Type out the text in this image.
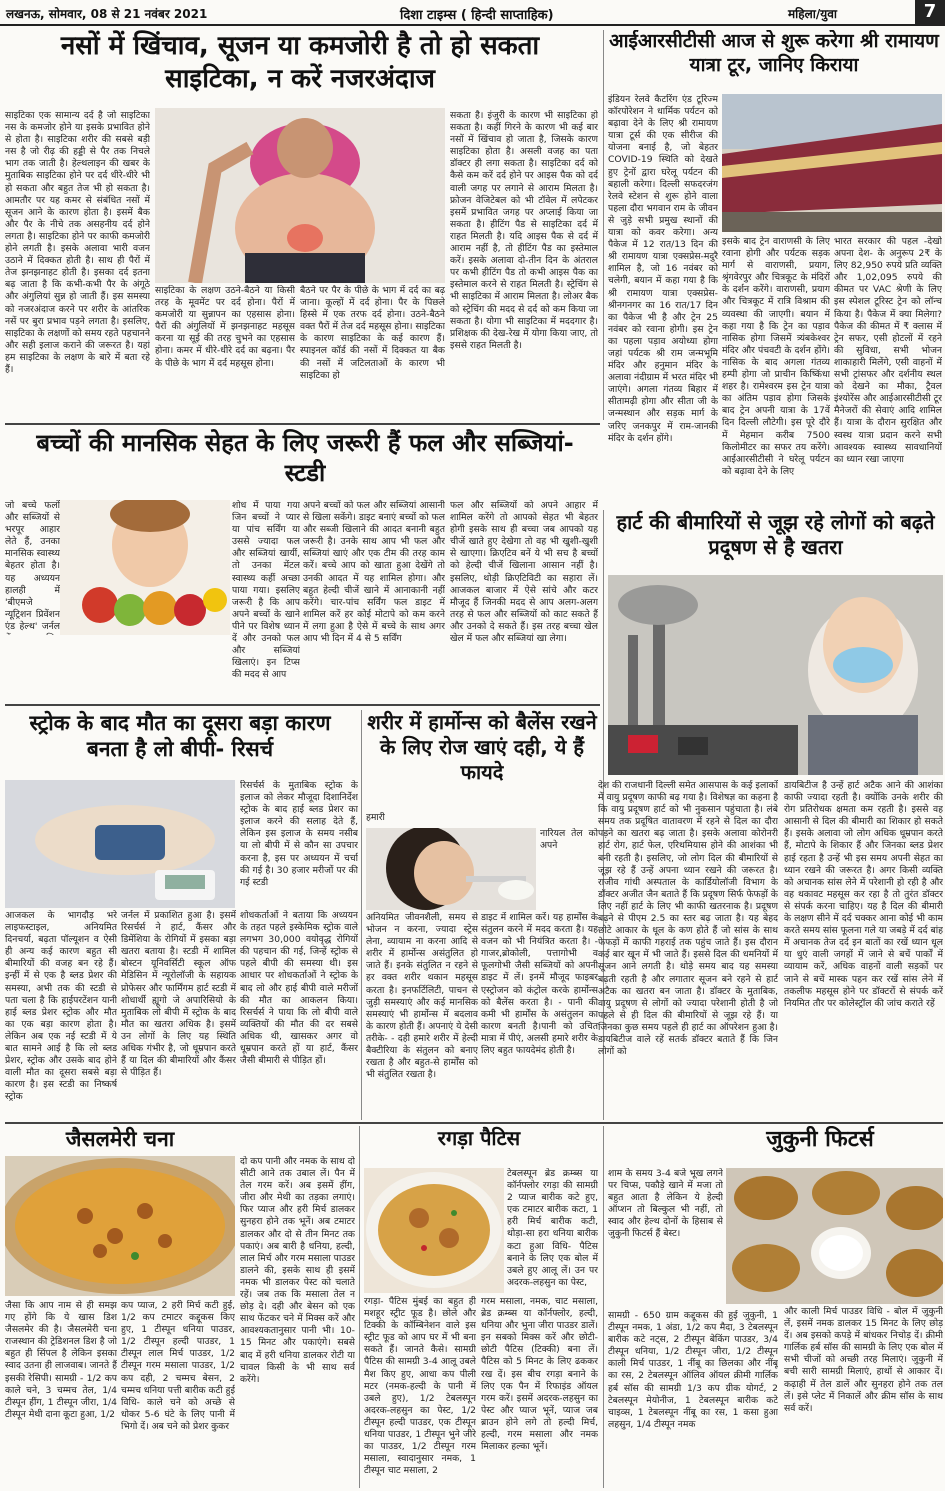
लखनऊ, सोमवार, 08 से 21 नवंबर 2021	दिशा टाइम्स ( हिन्दी साप्ताहिक)	महिला/युवा	7
नसों में खिंचाव, सूजन या कमजोरी है तो हो सकता साइटिका, न करें नजरअंदाज
साइटिका एक सामान्य दर्द है जो साइटिका नस के कमजोर होने या इसके प्रभावित होने से होता है। साइटिका शरीर की सबसे बड़ी नस है जो रीढ़ की हड्डी से पैर तक निचले भाग तक जाती है। हेल्थलाइन की खबर के मुताबिक साइटिका होने पर दर्द धीरे-धीरे भी हो सकता और बहुत तेज भी हो सकता है। आमतौर पर यह कमर से संबंधित नसों में सूजन आने के कारण होता है। इसमें बैक और पैर के नीचे तक असहनीय दर्द होने लगता है। साइटिका होने पर काफी कमजोरी होने लगती है। इसके अलावा भारी वजन उठाने में दिक्कत होती है। साथ ही पैरों में तेज झनझनाहट होती है। इसका दर्द इतना बढ़ जाता है कि कभी-कभी पैर के अंगूठे और अंगुलियां सुन्न हो जाती हैं। इस समस्या को नजरअंदाज करने पर शरीर के आंतरिक नसें पर बुरा प्रभाव पड़ने लगता है। इसलिए, साइटिका के लक्षणों को समय रहते पहचानने और सही इलाज कराने की जरूरत है। यहां हम साइटिका के लक्षण के बारे में बता रहे हैं।
साइटिका के लक्षण उठने-बैठने या किसी तरह के मूवमेंट पर दर्द होना। पैरों में कमजोरी या सुन्नापन का एहसास होना। पैरों की अंगुलियों में झनझनाहट महसूस करना या सूई की तरह चुभने का एहसास होना। कमर में धीरे-धीरे दर्द का बढ़ना। पैर के पीछे के भाग में दर्द महसूस होना।
बैठने पर पैर के पीछे के भाग में दर्द का बढ़ जाना। कूल्हों में दर्द होना। पैर के पिछले हिस्से में एक तरफ दर्द होना। उठने-बैठने वक्त पैरों में तेज दर्द महसूस होना। साइटिका के कारण साइटिका के कई कारण हैं। स्पाइनल कॉर्ड की नसों में दिक्कत या बैक की नसों में जटिलताओं के कारण भी साइटिका हो
सकता है। इंजुरी के कारण भी साइटिका हो सकता है। कहीं गिरने के कारण भी कई बार नसों में खिंचाव हो जाता है, जिसके कारण साइटिका होता है। असली वजह का पता डॉक्टर ही लगा सकता है। साइटिका दर्द को कैसे कम करें दर्द होने पर आइस पैक को दर्द वाली जगह पर लगाने से आराम मिलता है। फ्रोजन वेजिटेबल को भी टॉवेल में लपेटकर इसमें प्रभावित जगह पर अप्लाई किया जा सकता है। हीटिंग पैड से साइटिका दर्द में राहत मिलती है। यदि आइस पैक से दर्द में आराम नहीं है, तो हीटिंग पैड का इस्तेमाल करें। इसके अलावा दो-तीन दिन के अंतराल पर कभी हीटिंग पैड तो कभी आइस पैक का इस्तेमाल करने से राहत मिलती है। स्ट्रेचिंग से भी साइटिका में आराम मिलता है। लोअर बैक को स्ट्रेचिंग की मदद से दर्द को कम किया जा सकता है। योगा भी साइटिका में मददगार है। प्रशिक्षक की देख-रेख में योगा किया जाए, तो इससे राहत मिलती है।
आईआरसीटीसी आज से शुरू करेगा श्री रामायण यात्रा टूर, जानिए किराया
इंडियन रेलवे कैटरिंग एंड टूरिज्म कॉरपोरेशन ने धार्मिक पर्यटन को बढ़ावा देने के लिए श्री रामायण यात्रा टूर्स की एक सीरीज की योजना बनाई है, जो बेहतर COVID-19 स्थिति को देखते हुए ट्रेनों द्वारा घरेलू पर्यटन की बहाली करेगा। दिल्ली सफदरजंग रेलवे स्टेशन से शुरू होने वाला पहला दौरा भगवान राम के जीवन से जुड़े सभी प्रमुख स्थानों की यात्रा को कवर करेगा। अन्य पैकेज में 12 रात/13 दिन की श्री रामायण यात्रा एक्सप्रेस-मदुरै शामिल है, जो 16 नवंबर को चलेगी, बयान में कहा गया है कि श्री रामायण यात्रा एक्सप्रेस-श्रीनगनगर का 16 रात/17 दिन का पैकेज भी है और ट्रेन 25 नवंबर को रवाना होगी। इस ट्रेन का पहला पड़ाव अयोध्या होगा जहां पर्यटक श्री राम जन्मभूमि मंदिर और हनुमान मंदिर के अलावा नंदीग्राम में भरत मंदिर भी जाएंगे। अगला गंतव्य बिहार में सीतामढ़ी होगा और सीता जी के जन्मस्थान और सड़क मार्ग के जरिए जनकपुर में राम-जानकी मंदिर के दर्शन होंगे।
इसके बाद ट्रेन वाराणसी के लिए रवाना होगी और पर्यटक सड़क मार्ग से वाराणसी, प्रयाग, श्रृंगवेरपुर और चित्रकूट के मंदिरों के दर्शन करेंगे। वाराणसी, प्रयाग और चित्रकूट में रात्रि विश्राम की व्यवस्था की जाएगी। बयान में कहा गया है कि ट्रेन का पड़ाव नासिक होगा जिसमें त्र्यंबकेश्वर मंदिर और पंचवटी के दर्शन होंगे। नासिक के बाद अगला गंतव्य हम्पी होगा जो प्राचीन किष्किंधा शहर है। रामेश्वरम इस ट्रेन यात्रा का अंतिम पड़ाव होगा जिसके बाद ट्रेन अपनी यात्रा के 17वें दिन दिल्ली लौटेगी। इस पूरे दौरे में मेहमान करीब 7500 किलोमीटर का सफर तय करेंगे। आईआरसीटीसी ने घरेलू पर्यटन को बढ़ावा देने के लिए
भारत सरकार की पहल -देखो अपना देश- के अनुरूप 2₹ के लिए 82,950 रुपये प्रति व्यक्ति और 1,02,095 रुपये की कीमत पर VAC श्रेणी के लिए इस स्पेशल टूरिस्ट ट्रेन को लॉन्च किया है। पैकेज में क्या मिलेगा? पैकेज की कीमत में ₹ क्लास में ट्रेन सफर, एसी होटलों में रहने की सुविधा, सभी भोजन शाकाहारी मिलेंगे, एसी वाहनों में सभी ट्रांसफर और दर्शनीय स्थल को देखने का मौका, ट्रैवल इंश्योरेंस और आईआरसीटीसी टूर मैनेजरों की सेवाएं आदि शामिल हैं। यात्रा के दौरान सुरक्षित और स्वस्थ यात्रा प्रदान करने सभी आवश्यक स्वास्थ्य सावधानियों का ध्यान रखा जाएगा
बच्चों की मानसिक सेहत के लिए जरूरी हैं फल और सब्जियां-स्टडी
जो बच्चे फलों और सब्जियों से भरपूर आहार लेते हैं, उनका मानसिक स्वास्थ्य बेहतर होता है। यह अध्ययन हालही में 'बीएमजे न्यूट्रिशन प्रिवेंशन एंड हेल्थ' जर्नल
शोध में पाया गया जिन बच्चों ने प्यार या पांच सर्विंग या उससे ज्यादा फल और सब्जियां खायीं, तो उनका मेंटल स्वास्थ्य कहीं अच्छा पाया गया। इसलिए जरूरी है कि आप अपने बच्चों के खाने पीने पर विशेष ध्यान दें और उनको फल और सब्जियां खिलाएं। इन टिप्स की मदद से आप
अपने बच्चों को फल और सब्जियां आसानी से खिला सकेंगे। डाइट बनाएं बच्चों को फल और सब्जी खिलाने की आदत बनानी बहुत जरूरी है। उनके साथ आप भी फल और सब्जियां खाएं और एक टीम की तरह काम करें। बच्चे आप को खाता हुआ देखेंगे तो उनकी आदत में यह शामिल होगा। और बहुत हेल्दी चीजें खाने में आनाकानी नहीं करेंगे। चार-पांच सर्विंग फल डाइट में शामिल करें हर कोई मोटापे को कम करने में लगा हुआ है ऐसे में बच्चे के साथ अगर आप भी दिन में 4 से 5 सर्विंग
फल और सब्जियों को अपने आहार में शामिल करेंगे तो आपको सेहत भी बेहतर होगी इसके साथ ही बच्चा जब आपको यह चीजें खाते हुए देखेगा तो वह भी खुशी-खुशी से खाएगा। क्रिएटिव बनें ये भी सच है बच्चों को हेल्दी चीजें खिलाना आसान नहीं है। इसलिए, थोड़ी क्रिएटिविटी का सहारा लें। आजकल बाजार में ऐसे सांचे और कटर मौजूद हैं जिनकी मदद से आप अलग-अलग तरह से फल और सब्जियों को काट सकते हैं और उनको दे सकते हैं। इस तरह बच्चा खेल खेल में फल और सब्जियां खा लेगा।
हार्ट की बीमारियों से जूझ रहे लोगों को बढ़ते प्रदूषण से है खतरा
देश की राजधानी दिल्ली समेत आसपास के कई इलाकों में वायु प्रदूषण काफी बढ़ गया है। विशेषज्ञ का कहना है कि वायु प्रदूषण हार्ट को भी नुकसान पहुंचाता है। लंबे समय तक प्रदूषित वातावरण में रहने से दिल का दौरा पड़ने का खतरा बढ़ जाता है। इसके अलावा कोरोनरी हार्ट रोग, हार्ट फेल, एरिथमियास होने की आशंका भी बनी रहती है। इसलिए, जो लोग दिल की बीमारियों से जूझ रहे हैं उन्हें अपना ध्यान रखने की जरूरत है। राजीव गांधी अस्पताल के कार्डियोलॉजी विभाग के डॉक्टर अजीत जैन बताते हैं कि प्रदूषण सिर्फ फेफड़ों के लिए नहीं हार्ट के लिए भी काफी खतरनाक है। प्रदूषण बढ़ने से पीएम 2.5 का स्तर बढ़ जाता है। यह बेहद छोटे आकार के धूल के कण होते हैं जो सांस के साथ फेफड़ों में काफी गहराई तक पहुंच जाते हैं। इस दौरान कई बार खून में भी जाते हैं। इससे दिल की धमनियों में सूजन आने लगती है। थोड़े समय बाद यह समस्या बढ़ती रहती है और लगातार सूजन बने रहने से हार्ट अटैक का खतरा बन जाता है। डॉक्टर के मुताबिक, वायु प्रदूषण से लोगों को ज्यादा परेशानी होती है जो पहले से ही दिल की बीमारियों से जूझ रहे हैं। या जिनका कुछ समय पहले ही हार्ट का ऑपरेशन हुआ है। डायबिटीज वाले रहें सतर्क डॉक्टर बताते हैं कि जिन लोगों को
डायबिटीज है उन्हें हार्ट अटैक आने की आशंका काफी ज्यादा रहती है। क्योंकि उनके शरीर की रोग प्रतिरोधक क्षमता कम रहती है। इससे वह आसानी से दिल की बीमारी का शिकार हो सकते हैं। इसके अलावा जो लोग अधिक धूम्रपान करते हैं, मोटापे के शिकार हैं और जिनका ब्लड प्रेशर हाई रहता है उन्हें भी इस समय अपनी सेहत का ध्यान रखने की जरूरत है। अगर किसी व्यक्ति को अचानक सांस लेने में परेशानी हो रही है और वह थकावट महसूस कर रहा है तो तुरंत डॉक्टर से संपर्क करना चाहिए। यह है दिल की बीमारी के लक्षण सीने में दर्द चक्कर आना कोई भी काम करते समय सांस फूलना गले या जबड़े में दर्द बांह में अचानक तेज दर्द इन बातों का रखें ध्यान धूल या धुएं वाली जगहों में जाने से बचें पार्कों में व्यायाम करें, अधिक वाहनों वाली सड़कों पर जाने से बचें मास्क पहन कर रखें सांस लेने में तकलीफ महसूस होने पर डॉक्टरों से संपर्क करें नियमित तौर पर कोलेस्ट्रॉल की जांच कराते रहें
स्ट्रोक के बाद मौत का दूसरा बड़ा कारण बनता है लो बीपी- रिसर्च
रिसर्चर्स के मुताबिक स्ट्रोक के इलाज को लेकर मौजूदा दिशानिर्देश स्ट्रोक के बाद हाई ब्लड प्रेशर का इलाज करने की सलाह देते हैं, लेकिन इस इलाज के समय नसीब या लो बीपी में से कौन सा उपचार करना है, इस पर अध्ययन में चर्चा की गई है। 30 हजार मरीजों पर की गई स्टडी
आजकल के भागदौड़ भरे लाइफस्टाइल, अनियमित दिनचर्या, बढ़ता पॉल्यूशन व ऐसी ही अन्य कई कारण बहुत सी बीमारियों की वजह बन रहे हैं। इन्हीं में से एक है ब्लड प्रेशर की समस्या, अभी तक की स्टडी से पता चला है कि हाईपरटेंशन यानी हाई ब्लड प्रेशर स्ट्रोक और मौत का एक बड़ा कारण होता है। लेकिन अब एक नई स्टडी में ये बात सामने आई है कि लो ब्लड प्रेशर, स्ट्रोक और उसके बाद होने वाली मौत का दूसरा सबसे बड़ा कारण है। इस स्टडी का निष्कर्ष स्ट्रोक
जर्नल में प्रकाशित हुआ है। इसमें रिसर्चर्स ने हार्ट, कैंसर और डिमेंशिया के रोगियों में इसका बड़ा खतरा बताया है। स्टडी में शामिल बोस्टन यूनिवर्सिटी स्कूल ऑफ मेडिसिन में न्यूरोलॉजी के सहायक प्रोफेसर और फार्मिंगम हार्ट स्टडी में शोधार्थी ह्यूगो जे अपारिसियो के मुताबिक लो बीपी में स्ट्रोक के बाद मौत का खतरा अधिक है। इसमें उन लोगों के लिए यह स्थिति अधिक गंभीर है, जो धूम्रपान करते हैं या दिल की बीमारियों और कैंसर से पीड़ित हैं।
शोधकर्ताओं ने बताया कि अध्ययन के तहत पहले इस्केमिक स्ट्रोक वाले लगभग 30,000 वयोवृद्ध रोगियों की पहचान की गई, जिन्हें स्ट्रोक से पहले बीपी की समस्या थी। इस आधार पर शोधकर्ताओं ने स्ट्रोक के बाद लो और हाई बीपी वाले मरीजों की मौत का आकलन किया। रिसर्चर्स ने पाया कि लो बीपी वाले व्यक्तियों की मौत की दर सबसे अधिक थी, खासकर अगर वो धूम्रपान करते हों या हार्ट, कैंसर जैसी बीमारी से पीड़ित हों।
शरीर में हार्मोन्स को बैलेंस रखने के लिए रोज खाएं दही, ये हैं फायदे
हमारी
नारियल तेल को अपने
अनियमित जीवनशैली, समय से भोजन न करना, ज्यादा स्ट्रेस लेना, व्यायाम ना करना आदि से शरीर में हार्मोन्स असंतुलित हो जाते हैं। इनके संतुलित न रहने से हर वक्त शरीर थकान महसूस करता है। इनफर्टिलिटी, पाचन से जुड़ी समस्याएं और कई मानसिक समस्याएं भी हार्मोन्स में बदलाव के कारण होती हैं। अपनाएं ये देसी तरीके- - दही हमारे शरीर में हेल्दी बैक्टीरिया के संतुलन को बनाए रखता है और बहुत-से हार्मोंस को भी संतुलित रखता है।
डाइट में शामिल करें। यह हार्मोंस के संतुलन करने में मदद करता है। यह वजन को भी नियंत्रित करता है। - गाजर,ब्रोकोली, पत्तागोभी व फूलगोभी जैसी सब्जियों को अपनी डाइट में लें। इनमें मौजूद फाइबर एस्ट्रोजन को कंट्रोल करके हार्मोन्स को बैलेंस करता है। - पानी की कमी भी हार्मोंस के असंतुलन का कारण बनती है।पानी को उचित मात्रा में पीएं, अलसी हमारे शरीर के लिए बहुत फायदेमंद होती है।
जैसलमेरी चना
जैसा कि आप नाम से ही समझ गए होंगे कि ये खास डिश जैसलमेर की है। जैसलमेरी चना राजस्थान की ट्रेडिशनल डिश है जो बहुत ही सिंपल है लेकिन इसका स्वाद उतना ही लाजवाब। जानते हैं इसकी रेसिपी। सामग्री - 1/2 कप काले चने, 3 चम्मच तेल, 1/4 टीस्पून हींग, 1 टीस्पून जीरा, 1/4 टीस्पून मेथी दाना कूटा हुआ, 1/2
कप प्याज, 2 हरी मिर्च कटी हुई, 1/2 कप टमाटर कद्दूकस किए हुए, 1 टीस्पून धनिया पाउडर, 1/2 टीस्पून हल्दी पाउडर, 1 टीस्पून लाल मिर्च पाउडर, 1/2 टीस्पून गरम मसाला पाउडर, 1/2 कप दही, 2 चम्मच बेसन, 2 चम्मच धनिया पत्ती बारीक कटी हुई विधि- काले चने को अच्छे से धोकर 5-6 घंटे के लिए पानी में भिगो दें। अब चने को प्रेशर कुकर
दो कप पानी और नमक के साथ दो सीटी आने तक उबाल लें। पैन में तेल गरम करें। अब इसमें हींग, जीरा और मेथी का तड़का लगाएं। फिर प्याज और हरी मिर्च डालकर सुनहरा होने तक भूनें। अब टमाटर डालकर और दो से तीन मिनट तक पकाएं। अब बारी है धनिया, हल्दी, लाल मिर्च और गरम मसाला पाउडर डालने की, इसके साथ ही इसमें नमक भी डालकर पेस्ट को चलाते रहें। जब तक कि मसाला तेल न छोड़ दे। दही और बेसन को एक साथ फेंटकर चने में मिक्स करें और आवश्यकतानुसार पानी भी। 10-15 मिनट और पकाएंगे। सबसे बाद में हरी धनिया डालकर रोटी या चावल किसी के भी साथ सर्व करेंगे।
रगड़ा पैटिस
टेबलस्पून ब्रेड क्रम्ब्स या कॉर्नफ्लोर रगड़ा की सामग्री 2 प्याज बारीक कटे हुए, एक टमाटर बारीक कटा, 1 हरी मिर्च बारीक कटी, थोड़ा-सा हरा धनिया बारीक कटा हुआ विधि- पैटिस बनाने के लिए एक बोल में उबले हुए आलू लें। उन पर अदरक-लहसुन का पेस्ट,
रगड़ा- पैटिस मुंबई का बहुत ही मशहूर स्ट्रीट फूड है। छोले और टिक्की के कॉम्बिनेशन वाले इस स्ट्रीट फूड को आप घर में भी बना सकते हैं। जानते कैसे। सामग्री पैटिस की सामग्री 3-4 आलू उबले मैश किए हुए, आधा कप पीली मटर (नमक-हल्दी के पानी में उबले हुए), 1/2 टेबलस्पून अदरक-लहसुन का पेस्ट, 1/2 टीस्पून हल्दी पाउडर, एक टीस्पून धनिया पाउडर, 1 टीस्पून भुने जीरे का पाउडर, 1/2 टीस्पून गरम मसाला, स्वादानुसार नमक, 1 टीस्पून चाट मसाला, 2
गरम मसाला, नमक, चाट मसाला, ब्रेड क्रम्ब्स या कॉर्नफ्लोर, हल्दी, धनिया और भुना जीरा पाउडर डालें। इन सबको मिक्स करें और छोटी-छोटी पैटिस (टिक्की) बना लें। पैटिस को 5 मिनट के लिए ढककर रख दें। इस बीच रगड़ा बनाने के लिए एक पैन में रिफाइंड ऑयल गरम करें। इसमें अदरक-लहसुन का पेस्ट और प्याज भूनें, प्याज जब ब्राउन होने लगे तो हल्दी मिर्च, हल्दी, गरम मसाला और नमक मिलाकर हल्का भूनें।
जुकुनी फिटर्स
शाम के समय 3-4 बजे भूख लगने पर चिप्स, पकौड़े खाने में मजा तो बहुत आता है लेकिन ये हेल्दी ऑप्शन तो बिल्कुल भी नहीं, तो स्वाद और हेल्थ दोनों के हिसाब से जुकुनी फिटर्स हैं बेस्ट।
सामग्री - 650 ग्राम कद्दूकस की हुई जुकुनी, 1 टीस्पून नमक, 1 अंडा, 1/2 कप मैदा, 3 टेबलस्पून बारीक कटे नट्स, 2 टीस्पून बेकिंग पाउडर, 3/4 टीस्पून धनिया, 1/2 टीस्पून जीरा, 1/2 टीस्पून काली मिर्च पाउडर, 1 नींबू का छिलका और नींबू का रस, 2 टेबलस्पून ऑलिव ऑयल क्रीमी गार्लिक हर्ब सॉस की सामग्री 1/3 कप ग्रीक योगर्ट, 2 टेबलस्पून मेयोनीज, 1 टेबलस्पून बारीक कटे चाइव्स, 1 टेबलस्पून नींबू का रस, 1 कसा हुआ लहसुन, 1/4 टीस्पून नमक
और काली मिर्च पाउडर विधि - बोल में जुकुनी लें, इसमें नमक डालकर 15 मिनट के लिए छोड़ दें। अब इसको कपड़े में बांधकर निचोड़ दें। क्रीमी गार्लिक हर्ब सॉस की सामग्री के लिए एक बोल में सभी चीजों को अच्छी तरह मिलाएं। जुकुनी में बची सारी सामग्री मिलाएं, हाथों से आकार दें। कढ़ाही में तेल डालें और सुनहरा होने तक तल लें। इसे प्लेट में निकालें और क्रीम सॉस के साथ सर्व करें।
